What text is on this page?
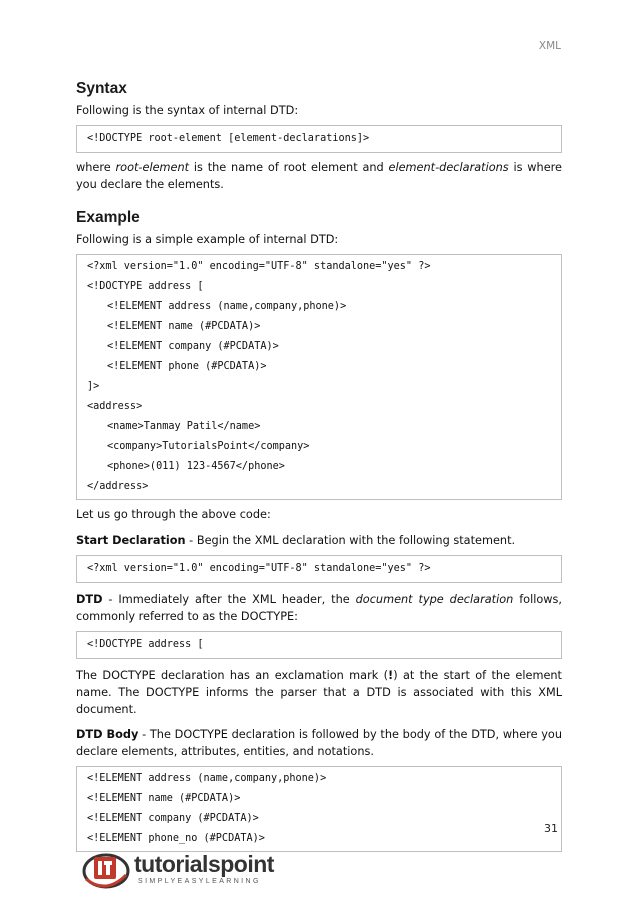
XML
Syntax

Following is the syntax of internal DTD:

<!DOCTYPE root-element [element-declarations]>

where root-element is the name of root element and element-declarations is where you declare the elements.

Example

Following is a simple example of internal DTD:

<?xml version="1.0" encoding="UTF-8" standalone="yes" ?>
<!DOCTYPE address [
<!ELEMENT address (name,company,phone)>
<!ELEMENT name (#PCDATA)>
<!ELEMENT company (#PCDATA)>
<!ELEMENT phone (#PCDATA)>
]>
<address>
<name>Tanmay Patil</name>
<company>TutorialsPoint</company>
<phone>(011) 123-4567</phone>
</address>

Let us go through the above code:

Start Declaration - Begin the XML declaration with the following statement.

<?xml version="1.0" encoding="UTF-8" standalone="yes" ?>

DTD - Immediately after the XML header, the document type declaration follows, commonly referred to as the DOCTYPE:

<!DOCTYPE address [

The DOCTYPE declaration has an exclamation mark (!) at the start of the element name. The DOCTYPE informs the parser that a DTD is associated with this XML document.

DTD Body - The DOCTYPE declaration is followed by the body of the DTD, where you declare elements, attributes, entities, and notations.

<!ELEMENT address (name,company,phone)>
<!ELEMENT name (#PCDATA)>
<!ELEMENT company (#PCDATA)>
<!ELEMENT phone_no (#PCDATA)>
31
tutorialspoint
SIMPLYEASYLEARNING
